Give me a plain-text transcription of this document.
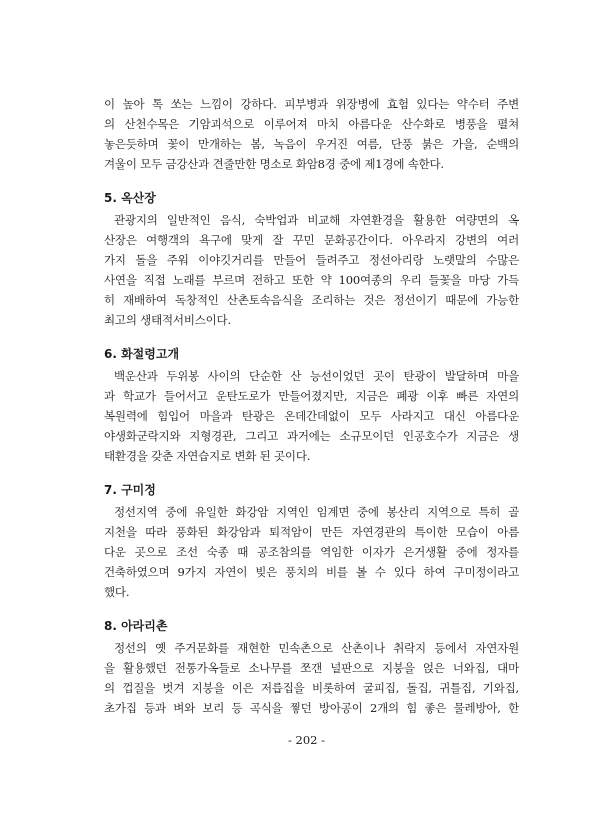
이 높아 톡 쏘는 느낌이 강하다. 피부병과 위장병에 효험 있다는 약수터 주변
의 산천수목은 기암괴석으로 이루어져 마치 아름다운 산수화로 병풍을 펼쳐
놓은듯하며 꽃이 만개하는 봄, 녹음이 우거진 여름, 단풍 붉은 가을, 순백의
겨울이 모두 금강산과 견줄만한 명소로 화암8경 중에 제1경에 속한다.
5. 옥산장
관광지의 일반적인 음식, 숙박업과 비교해 자연환경을 활용한 여량면의 옥
산장은 여행객의 욕구에 맞게 잘 꾸민 문화공간이다. 아우라지 강변의 여러
가지 돌을 주워 이야깃거리를 만들어 들려주고 정선아리랑 노랫말의 수많은
사연을 직접 노래를 부르며 전하고 또한 약 100여종의 우리 들꽃을 마당 가득
히 재배하여 독창적인 산촌토속음식을 조리하는 것은 정선이기 때문에 가능한
최고의 생태적서비스이다.
6. 화절령고개
백운산과 두위봉 사이의 단순한 산 능선이었던 곳이 탄광이 발달하며 마을
과 학교가 들어서고 운탄도로가 만들어졌지만, 지금은 폐광 이후 빠른 자연의
복원력에 힘입어 마을과 탄광은 온데간데없이 모두 사라지고 대신 아름다운
야생화군락지와 지형경관, 그리고 과거에는 소규모이던 인공호수가 지금은 생
태환경을 갖춘 자연습지로 변화 된 곳이다.
7. 구미정
정선지역 중에 유일한 화강암 지역인 임계면 중에 봉산리 지역으로 특히 골
지천을 따라 풍화된 화강암과 퇴적암이 만든 자연경관의 특이한 모습이 아름
다운 곳으로 조선 숙종 때 공조참의를 역임한 이자가 은거생활 중에 정자를
건축하였으며 9가지 자연이 빚은 풍치의 비를 볼 수 있다 하여 구미정이라고
했다.
8. 아라리촌
정선의 옛 주거문화를 재현한 민속촌으로 산촌이나 취락지 등에서 자연자원
을 활용했던 전통가옥들로 소나무를 쪼갠 널판으로 지붕을 얹은 너와집, 대마
의 껍질을 벗겨 지붕을 이은 저릅집을 비롯하여 굴피집, 돌집, 귀틀집, 기와집,
초가집 등과 벼와 보리 등 곡식을 찧던 방아공이 2개의 힘 좋은 물레방아, 한
- 202 -
